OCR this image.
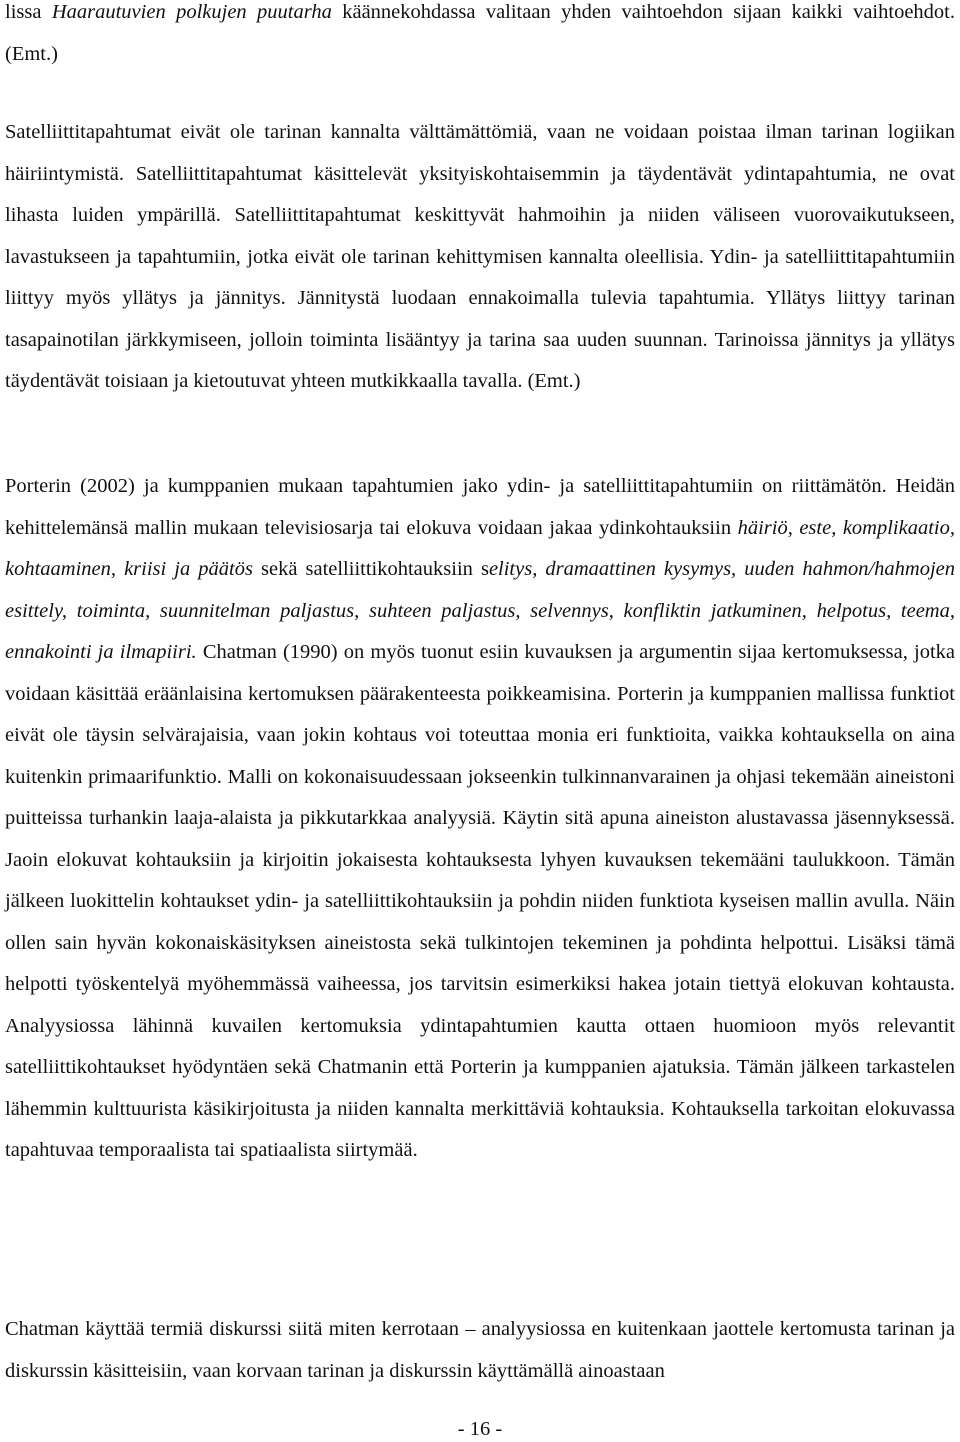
lissa Haarautuvien polkujen puutarha käännekohdassa valitaan yhden vaihtoehdon sijaan kaikki vaihtoehdot. (Emt.)

Satelliittitapahtumat eivät ole tarinan kannalta välttämättömiä, vaan ne voidaan poistaa ilman tarinan logiikan häiriintymistä. Satelliittitapahtumat käsittelevät yksityiskohtaisemmin ja täydentävät ydintapahtumia, ne ovat lihasta luiden ympärillä. Satelliittitapahtumat keskittyvät hahmoihin ja niiden väliseen vuorovaikutukseen, lavastukseen ja tapahtumiin, jotka eivät ole tarinan kehittymisen kannalta oleellisia. Ydin- ja satelliittitapahtumiin liittyy myös yllätys ja jännitys. Jännitystä luodaan ennakoimalla tulevia tapahtumia. Yllätys liittyy tarinan tasapainotilan järkkymiseen, jolloin toiminta lisääntyy ja tarina saa uuden suunnan. Tarinoissa jännitys ja yllätys täydentävät toisiaan ja kietoutuvat yhteen mutkikkaalla tavalla. (Emt.)

Porterin (2002) ja kumppanien mukaan tapahtumien jako ydin- ja satelliittitapahtumiin on riittämätön. Heidän kehittelemänsä mallin mukaan televisiosarja tai elokuva voidaan jakaa ydinkohtauksiin häiriö, este, komplikaatio, kohtaaminen, kriisi ja päätös sekä satelliittikohtauksiin selitys, dramaattinen kysymys, uuden hahmon/hahmojen esittely, toiminta, suunnitelman paljastus, suhteen paljastus, selvennys, konfliktin jatkuminen, helpotus, teema, ennakointi ja ilmapiiri. Chatman (1990) on myös tuonut esiin kuvauksen ja argumentin sijaa kertomuksessa, jotka voidaan käsittää eräänlaisina kertomuksen päärakenteesta poikkeamisina. Porterin ja kumppanien mallissa funktiot eivät ole täysin selvärajaisia, vaan jokin kohtaus voi toteuttaa monia eri funktioita, vaikka kohtauksella on aina kuitenkin primaarifunktio. Malli on kokonaisuudessaan jokseenkin tulkinnanvarainen ja ohjasi tekemään aineistoni puitteissa turhankin laaja-alaista ja pikkutarkkaa analyysiä. Käytin sitä apuna aineiston alustavassa jäsennyksessä. Jaoin elokuvat kohtauksiin ja kirjoitin jokaisesta kohtauksesta lyhyen kuvauksen tekemääni taulukkoon. Tämän jälkeen luokittelin kohtaukset ydin- ja satelliittikohtauksiin ja pohdin niiden funktiota kyseisen mallin avulla. Näin ollen sain hyvän kokonaiskäsityksen aineistosta sekä tulkintojen tekeminen ja pohdinta helpottui. Lisäksi tämä helpotti työskentelyä myöhemmässä vaiheessa, jos tarvitsin esimerkiksi hakea jotain tiettyä elokuvan kohtausta. Analyysiossa lähinnä kuvailen kertomuksia ydintapahtumien kautta ottaen huomioon myös relevantit satelliittikohtaukset hyödyntäen sekä Chatmanin että Porterin ja kumppanien ajatuksia. Tämän jälkeen tarkastelen lähemmin kulttuurista käsikirjoitusta ja niiden kannalta merkittäviä kohtauksia. Kohtauksella tarkoitan elokuvassa tapahtuvaa temporaalista tai spatiaalista siirtymää.

Chatman käyttää termiä diskurssi siitä miten kerrotaan – analyysiossa en kuitenkaan jaottele kertomusta tarinan ja diskurssin käsitteisiin, vaan korvaan tarinan ja diskurssin käyttämällä ainoastaan

- 16 -
